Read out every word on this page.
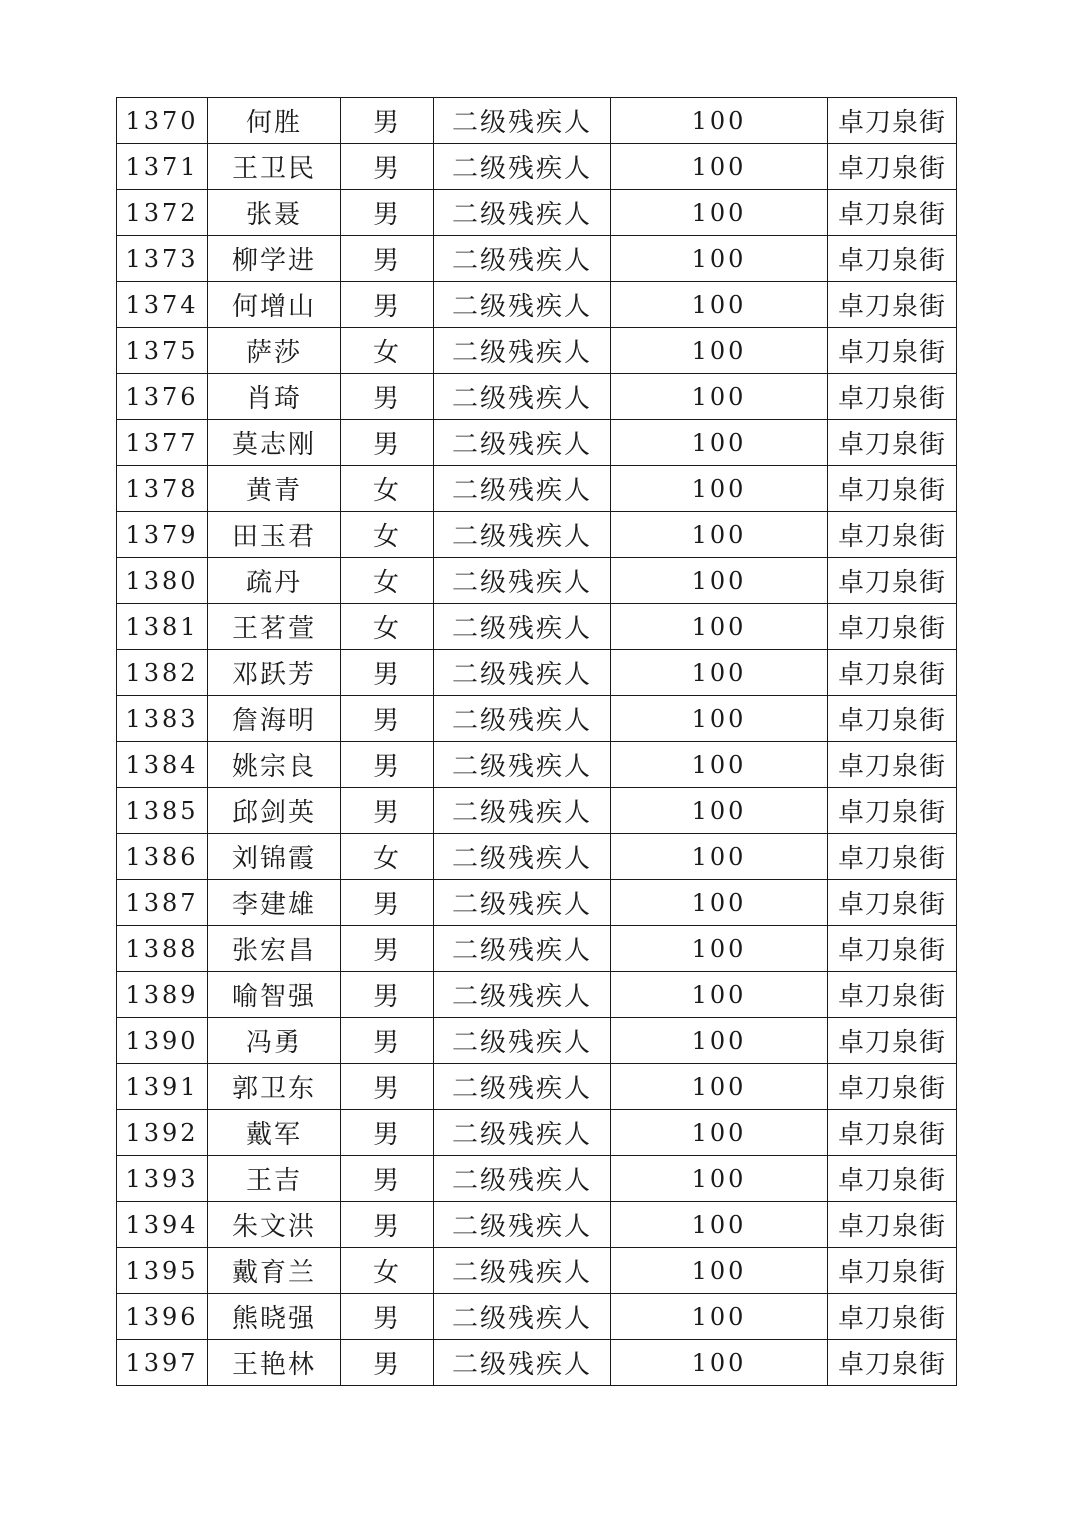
1370	何胜	男	二级残疾人	100	卓刀泉街
1371	王卫民	男	二级残疾人	100	卓刀泉街
1372	张聂	男	二级残疾人	100	卓刀泉街
1373	柳学进	男	二级残疾人	100	卓刀泉街
1374	何增山	男	二级残疾人	100	卓刀泉街
1375	萨莎	女	二级残疾人	100	卓刀泉街
1376	肖琦	男	二级残疾人	100	卓刀泉街
1377	莫志刚	男	二级残疾人	100	卓刀泉街
1378	黄青	女	二级残疾人	100	卓刀泉街
1379	田玉君	女	二级残疾人	100	卓刀泉街
1380	疏丹	女	二级残疾人	100	卓刀泉街
1381	王茗萱	女	二级残疾人	100	卓刀泉街
1382	邓跃芳	男	二级残疾人	100	卓刀泉街
1383	詹海明	男	二级残疾人	100	卓刀泉街
1384	姚宗良	男	二级残疾人	100	卓刀泉街
1385	邱剑英	男	二级残疾人	100	卓刀泉街
1386	刘锦霞	女	二级残疾人	100	卓刀泉街
1387	李建雄	男	二级残疾人	100	卓刀泉街
1388	张宏昌	男	二级残疾人	100	卓刀泉街
1389	喻智强	男	二级残疾人	100	卓刀泉街
1390	冯勇	男	二级残疾人	100	卓刀泉街
1391	郭卫东	男	二级残疾人	100	卓刀泉街
1392	戴军	男	二级残疾人	100	卓刀泉街
1393	王吉	男	二级残疾人	100	卓刀泉街
1394	朱文洪	男	二级残疾人	100	卓刀泉街
1395	戴育兰	女	二级残疾人	100	卓刀泉街
1396	熊晓强	男	二级残疾人	100	卓刀泉街
1397	王艳林	男	二级残疾人	100	卓刀泉街
